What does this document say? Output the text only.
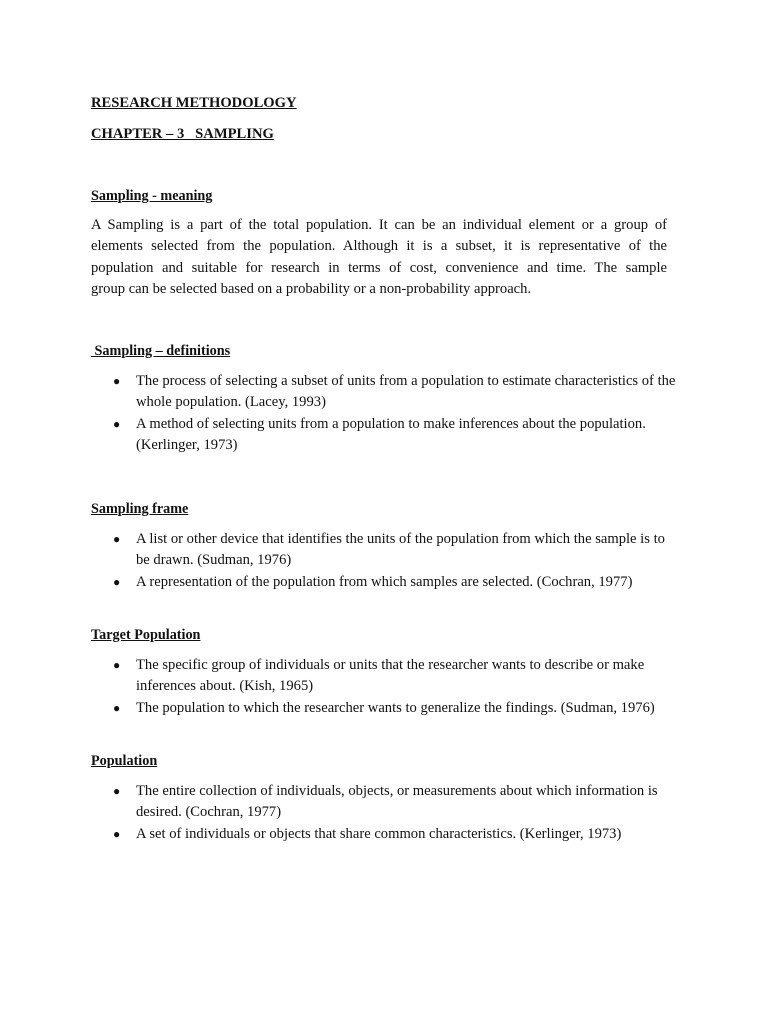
RESEARCH METHODOLOGY
CHAPTER – 3   SAMPLING
Sampling - meaning
A Sampling is a part of the total population. It can be an individual element or a group of
elements selected from the population. Although it is a subset, it is representative of the
population and suitable for research in terms of cost, convenience and time. The sample
group can be selected based on a probability or a non-probability approach.
Sampling – definitions
● The process of selecting a subset of units from a population to estimate characteristics of the whole population. (Lacey, 1993)
● A method of selecting units from a population to make inferences about the population. (Kerlinger, 1973)
Sampling frame
● A list or other device that identifies the units of the population from which the sample is to be drawn. (Sudman, 1976)
● A representation of the population from which samples are selected. (Cochran, 1977)
Target Population
● The specific group of individuals or units that the researcher wants to describe or make inferences about. (Kish, 1965)
● The population to which the researcher wants to generalize the findings. (Sudman, 1976)
Population
● The entire collection of individuals, objects, or measurements about which information is desired. (Cochran, 1977)
● A set of individuals or objects that share common characteristics. (Kerlinger, 1973)
